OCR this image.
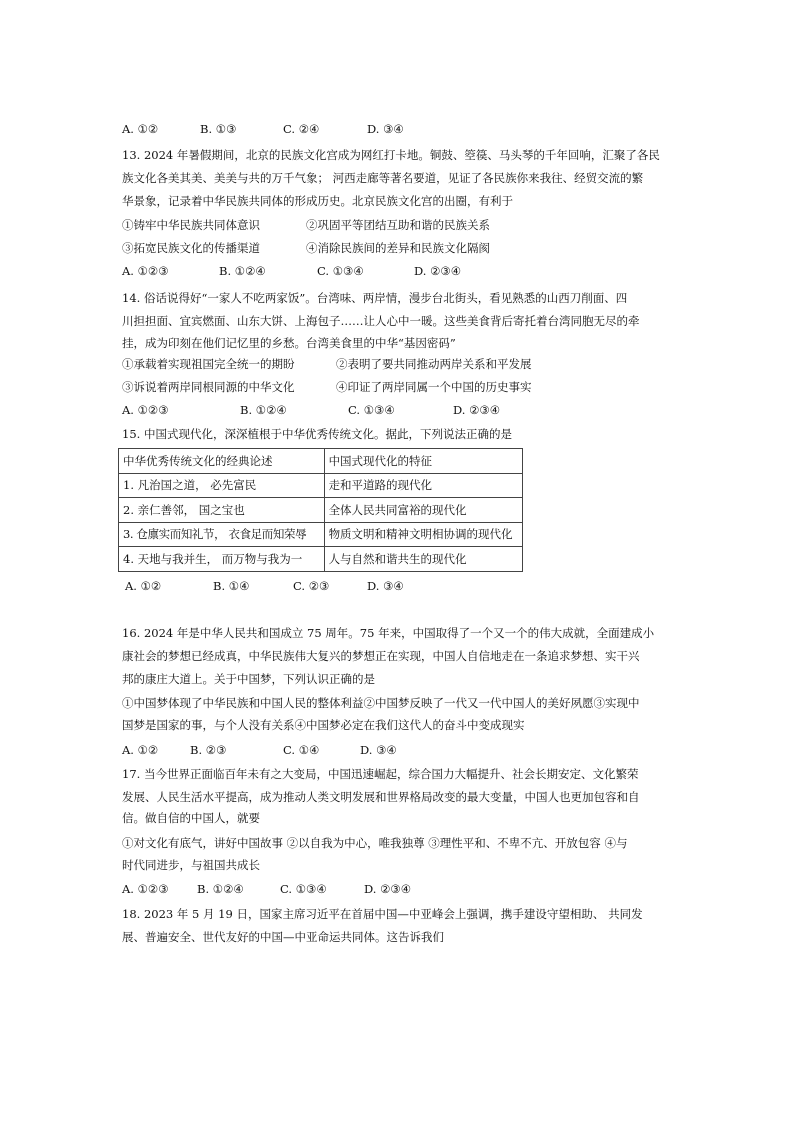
A. ①②	B. ①③	C. ②④	D. ③④
13. 2024 年暑假期间，北京的民族文化宫成为网红打卡地。铜鼓、箜篌、马头琴的千年回响，汇聚了各民
族文化各美其美、美美与共的万千气象； 河西走廊等著名要道，见证了各民族你来我往、经贸交流的繁
华景象，记录着中华民族共同体的形成历史。北京民族文化宫的出圈，有利于
①铸牢中华民族共同体意识	②巩固平等团结互助和谐的民族关系
③拓宽民族文化的传播渠道	④消除民族间的差异和民族文化隔阂
A. ①②③	B. ①②④	C. ①③④	D. ②③④
14. 俗话说得好“一家人不吃两家饭”。台湾味、两岸情，漫步台北街头，看见熟悉的山西刀削面、四
川担担面、宜宾燃面、山东大饼、上海包子……让人心中一暖。这些美食背后寄托着台湾同胞无尽的牵
挂，成为印刻在他们记忆里的乡愁。台湾美食里的中华“基因密码”
①承载着实现祖国完全统一的期盼	②表明了要共同推动两岸关系和平发展
③诉说着两岸同根同源的中华文化	④印证了两岸同属一个中国的历史事实
A. ①②③	B. ①②④	C. ①③④	D. ②③④
15. 中国式现代化，深深植根于中华优秀传统文化。据此，下列说法正确的是
中华优秀传统文化的经典论述	中国式现代化的特征
1. 凡治国之道， 必先富民	走和平道路的现代化
2. 亲仁善邻， 国之宝也	全体人民共同富裕的现代化
3. 仓廪实而知礼节， 衣食足而知荣辱	物质文明和精神文明相协调的现代化
4. 天地与我并生， 而万物与我为一	人与自然和谐共生的现代化
A. ①②	B. ①④	C. ②③	D. ③④
16. 2024 年是中华人民共和国成立 75 周年。75 年来，中国取得了一个又一个的伟大成就，全面建成小
康社会的梦想已经成真，中华民族伟大复兴的梦想正在实现，中国人自信地走在一条追求梦想、实干兴
邦的康庄大道上。关于中国梦，下列认识正确的是
①中国梦体现了中华民族和中国人民的整体利益②中国梦反映了一代又一代中国人的美好夙愿③实现中
国梦是国家的事，与个人没有关系④中国梦必定在我们这代人的奋斗中变成现实
A. ①②	B. ②③	C. ①④	D. ③④
17. 当今世界正面临百年未有之大变局，中国迅速崛起，综合国力大幅提升、社会长期安定、文化繁荣
发展、人民生活水平提高，成为推动人类文明发展和世界格局改变的最大变量，中国人也更加包容和自
信。做自信的中国人，就要
①对文化有底气，讲好中国故事 ②以自我为中心，唯我独尊 ③理性平和、不卑不亢、开放包容 ④与
时代同进步，与祖国共成长
A. ①②③ B. ①②④	C. ①③④	D. ②③④
18. 2023 年 5 月 19 日，国家主席习近平在首届中国—中亚峰会上强调，携手建设守望相助、 共同发
展、普遍安全、世代友好的中国—中亚命运共同体。这告诉我们
